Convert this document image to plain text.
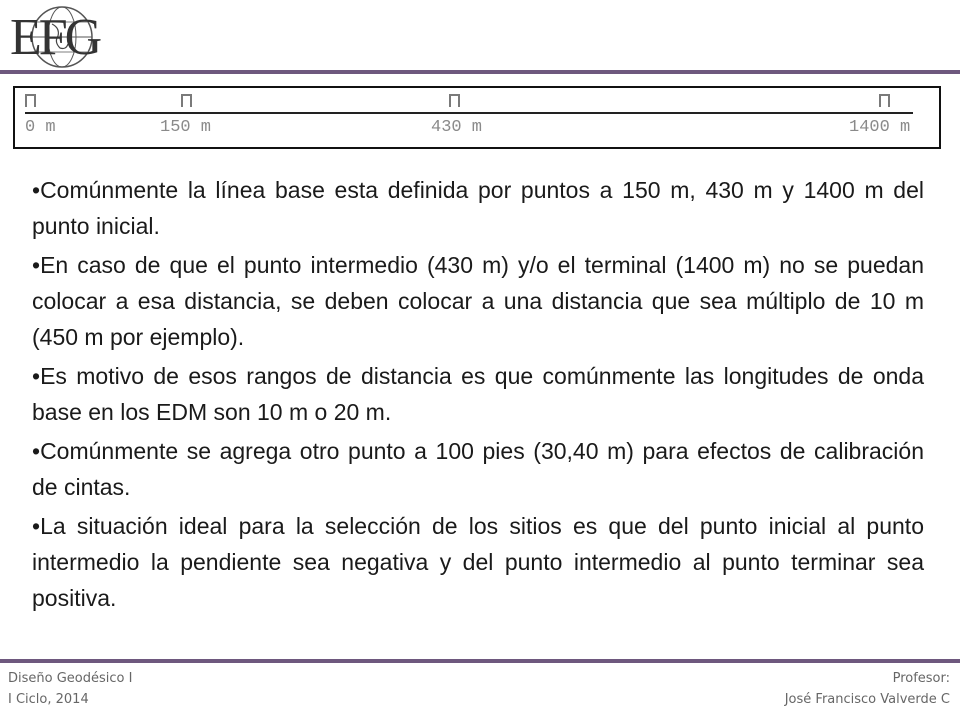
EFG
0 m	150 m	430 m	1400 m

•Comúnmente la línea base esta definida por puntos a 150 m, 430 m y 1400 m del punto inicial.

•En caso de que el punto intermedio (430 m) y/o el terminal (1400 m) no se puedan colocar a esa distancia, se deben colocar a una distancia que sea múltiplo de 10 m (450 m por ejemplo).

•Es motivo de esos rangos de distancia es que comúnmente las longitudes de onda base en los EDM son 10 m o 20 m.

•Comúnmente se agrega otro punto a 100 pies (30,40 m) para efectos de calibración de cintas.

•La situación ideal para la selección de los sitios es que del punto inicial al punto intermedio la pendiente sea negativa y del punto intermedio al punto terminar sea positiva.

Diseño Geodésico I
I Ciclo, 2014
Profesor:
José Francisco Valverde C
